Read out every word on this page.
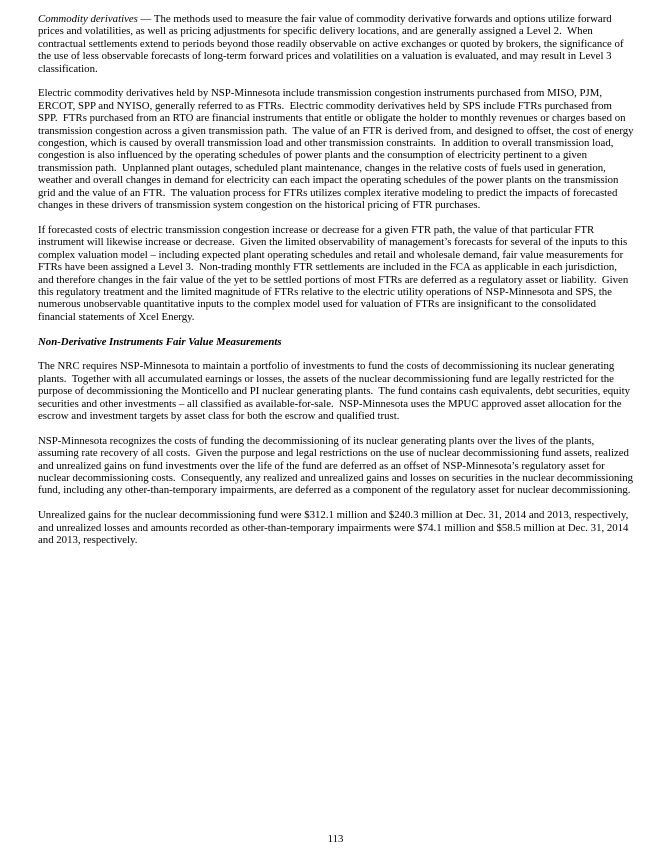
Commodity derivatives — The methods used to measure the fair value of commodity derivative forwards and options utilize forward prices and volatilities, as well as pricing adjustments for specific delivery locations, and are generally assigned a Level 2.  When contractual settlements extend to periods beyond those readily observable on active exchanges or quoted by brokers, the significance of the use of less observable forecasts of long-term forward prices and volatilities on a valuation is evaluated, and may result in Level 3 classification.

Electric commodity derivatives held by NSP-Minnesota include transmission congestion instruments purchased from MISO, PJM, ERCOT, SPP and NYISO, generally referred to as FTRs.  Electric commodity derivatives held by SPS include FTRs purchased from SPP.  FTRs purchased from an RTO are financial instruments that entitle or obligate the holder to monthly revenues or charges based on transmission congestion across a given transmission path.  The value of an FTR is derived from, and designed to offset, the cost of energy congestion, which is caused by overall transmission load and other transmission constraints.  In addition to overall transmission load, congestion is also influenced by the operating schedules of power plants and the consumption of electricity pertinent to a given transmission path.  Unplanned plant outages, scheduled plant maintenance, changes in the relative costs of fuels used in generation, weather and overall changes in demand for electricity can each impact the operating schedules of the power plants on the transmission grid and the value of an FTR.  The valuation process for FTRs utilizes complex iterative modeling to predict the impacts of forecasted changes in these drivers of transmission system congestion on the historical pricing of FTR purchases.

If forecasted costs of electric transmission congestion increase or decrease for a given FTR path, the value of that particular FTR instrument will likewise increase or decrease.  Given the limited observability of management’s forecasts for several of the inputs to this complex valuation model – including expected plant operating schedules and retail and wholesale demand, fair value measurements for FTRs have been assigned a Level 3.  Non-trading monthly FTR settlements are included in the FCA as applicable in each jurisdiction, and therefore changes in the fair value of the yet to be settled portions of most FTRs are deferred as a regulatory asset or liability.  Given this regulatory treatment and the limited magnitude of FTRs relative to the electric utility operations of NSP-Minnesota and SPS, the numerous unobservable quantitative inputs to the complex model used for valuation of FTRs are insignificant to the consolidated financial statements of Xcel Energy.

Non-Derivative Instruments Fair Value Measurements

The NRC requires NSP-Minnesota to maintain a portfolio of investments to fund the costs of decommissioning its nuclear generating plants.  Together with all accumulated earnings or losses, the assets of the nuclear decommissioning fund are legally restricted for the purpose of decommissioning the Monticello and PI nuclear generating plants.  The fund contains cash equivalents, debt securities, equity securities and other investments – all classified as available-for-sale.  NSP-Minnesota uses the MPUC approved asset allocation for the escrow and investment targets by asset class for both the escrow and qualified trust.

NSP-Minnesota recognizes the costs of funding the decommissioning of its nuclear generating plants over the lives of the plants, assuming rate recovery of all costs.  Given the purpose and legal restrictions on the use of nuclear decommissioning fund assets, realized and unrealized gains on fund investments over the life of the fund are deferred as an offset of NSP-Minnesota’s regulatory asset for nuclear decommissioning costs.  Consequently, any realized and unrealized gains and losses on securities in the nuclear decommissioning fund, including any other-than-temporary impairments, are deferred as a component of the regulatory asset for nuclear decommissioning.

Unrealized gains for the nuclear decommissioning fund were $312.1 million and $240.3 million at Dec. 31, 2014 and 2013, respectively, and unrealized losses and amounts recorded as other-than-temporary impairments were $74.1 million and $58.5 million at Dec. 31, 2014 and 2013, respectively.

113
